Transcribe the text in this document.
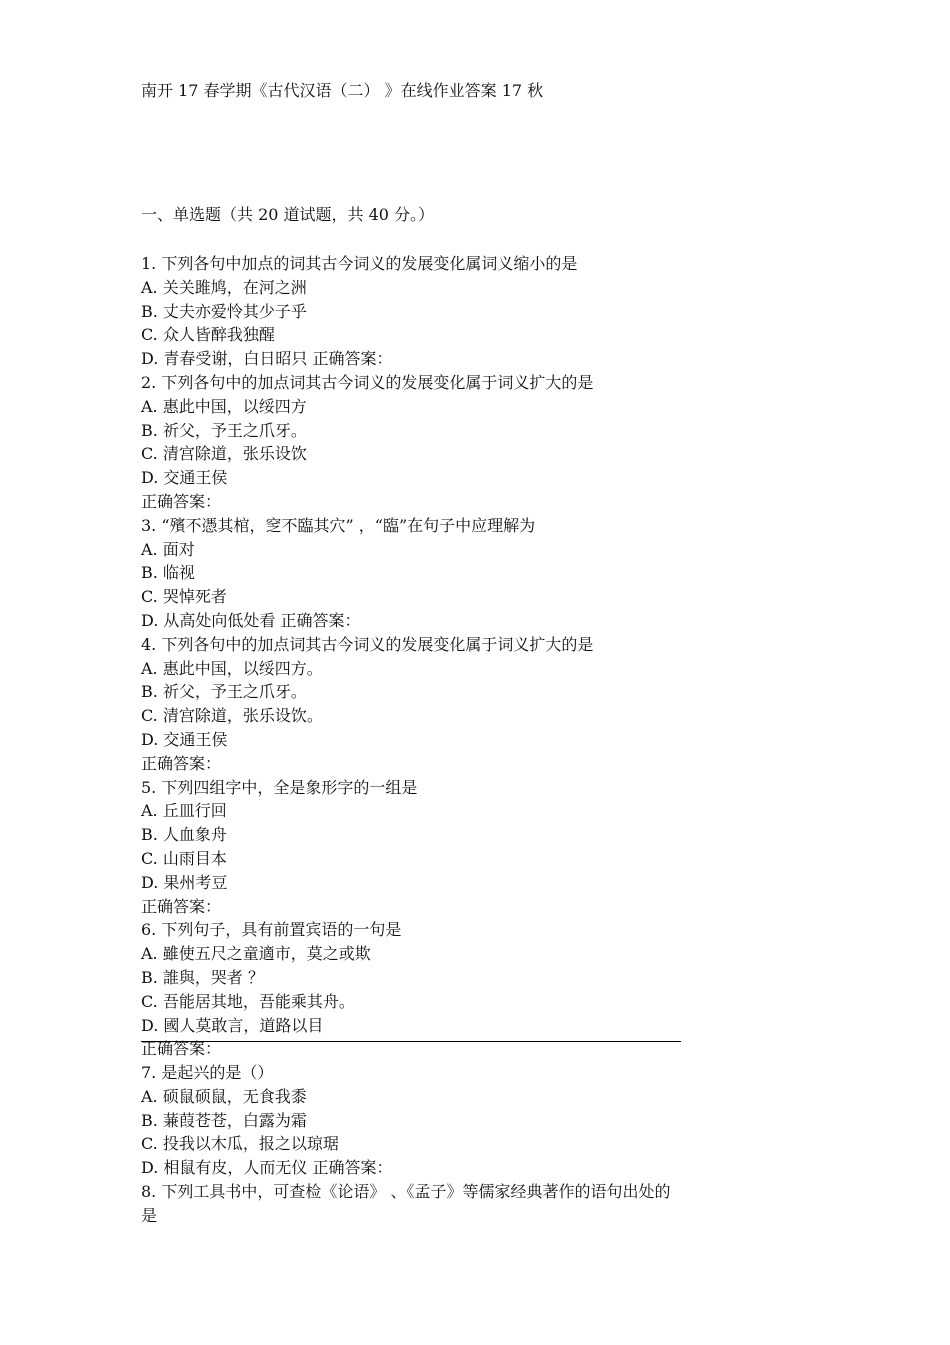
南开 17 春学期《古代汉语（二） 》在线作业答案 17 秋
一、单选题（共 20 道试题，共 40 分。）
1. 下列各句中加点的词其古今词义的发展变化属词义缩小的是
A. 关关雎鸠，在河之洲
B. 丈夫亦爱怜其少子乎
C. 众人皆醉我独醒
D. 青春受谢，白日昭只 正确答案：
2. 下列各句中的加点词其古今词义的发展变化属于词义扩大的是
A. 惠此中国，以绥四方
B. 祈父，予王之爪牙。
C. 清宫除道，张乐设饮
D. 交通王侯
正确答案：
3. “殯不憑其棺，窆不臨其穴” ，“臨”在句子中应理解为
A. 面对
B. 临视
C. 哭悼死者
D. 从高处向低处看 正确答案：
4. 下列各句中的加点词其古今词义的发展变化属于词义扩大的是
A. 惠此中国，以绥四方。
B. 祈父，予王之爪牙。
C. 清宫除道，张乐设饮。
D. 交通王侯
正确答案：
5. 下列四组字中，全是象形字的一组是
A. 丘皿行回
B. 人血象舟
C. 山雨目本
D. 果州考豆
正确答案：
6. 下列句子，具有前置宾语的一句是
A. 雖使五尺之童適市，莫之或欺
B. 誰與，哭者 ？
C. 吾能居其地，吾能乘其舟。
D. 國人莫敢言，道路以目
正确答案：
7. 是起兴的是（）
A. 硕鼠硕鼠，无食我黍
B. 蒹葭苍苍，白露为霜
C. 投我以木瓜，报之以琼琚
D. 相鼠有皮，人而无仪 正确答案：
8. 下列工具书中，可查检《论语》 、《孟子》等儒家经典著作的语句出处的是
